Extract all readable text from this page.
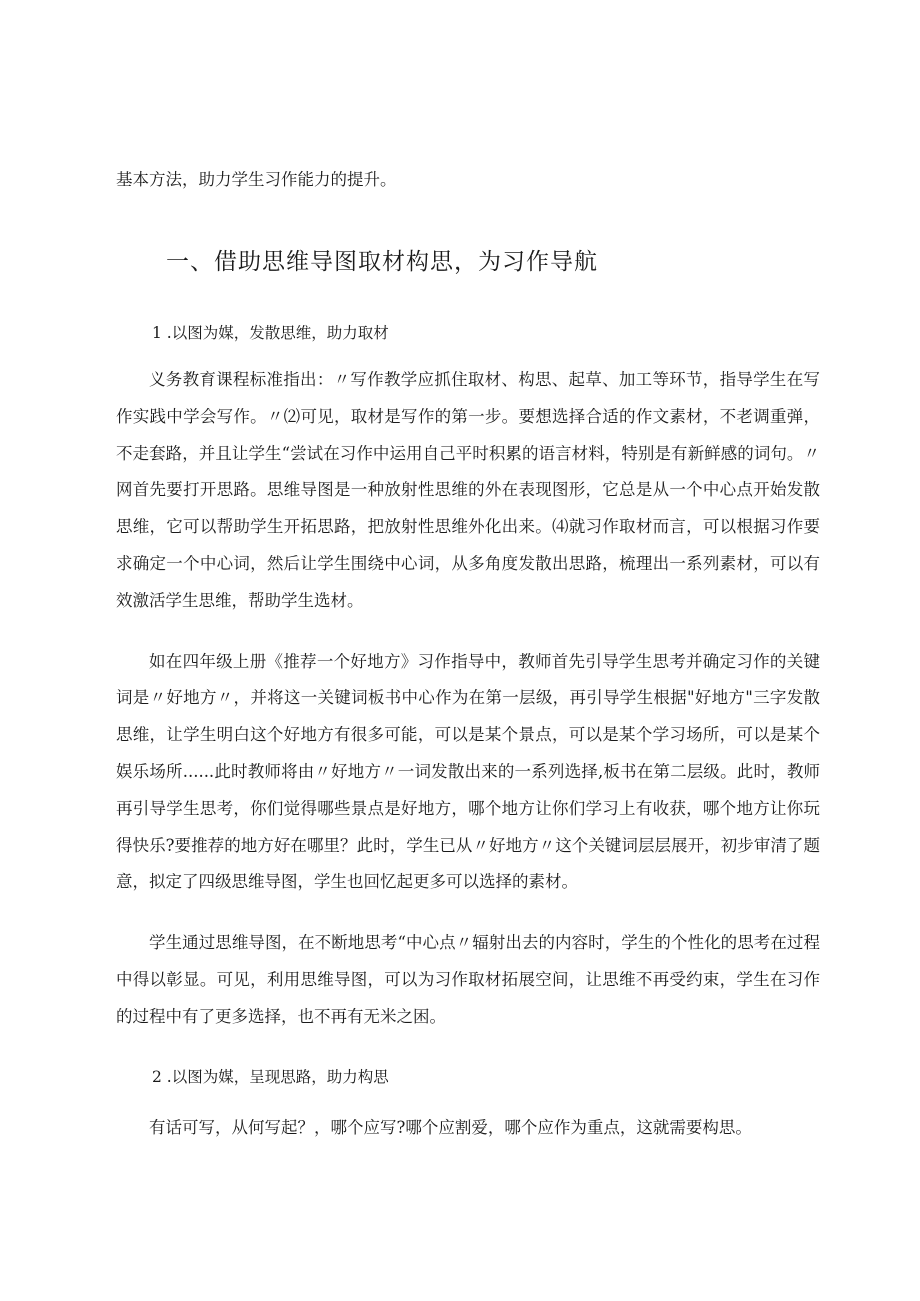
基本方法，助力学生习作能力的提升。

一、借助思维导图取材构思，为习作导航

1 .以图为媒，发散思维，助力取材

义务教育课程标准指出：〃写作教学应抓住取材、构思、起草、加工等环节，指导学生在写作实践中学会写作。〃⑵可见，取材是写作的第一步。要想选择合适的作文素材，不老调重弹，不走套路，并且让学生“尝试在习作中运用自己平时积累的语言材料，特别是有新鲜感的词句。〃网首先要打开思路。思维导图是一种放射性思维的外在表现图形，它总是从一个中心点开始发散思维，它可以帮助学生开拓思路，把放射性思维外化出来。⑷就习作取材而言，可以根据习作要求确定一个中心词，然后让学生围绕中心词，从多角度发散出思路，梳理出一系列素材，可以有效激活学生思维，帮助学生选材。

如在四年级上册《推荐一个好地方》习作指导中，教师首先引导学生思考并确定习作的关键词是〃好地方〃，并将这一关键词板书中心作为在第一层级，再引导学生根据"好地方"三字发散思维，让学生明白这个好地方有很多可能，可以是某个景点，可以是某个学习场所，可以是某个娱乐场所......此时教师将由〃好地方〃一词发散出来的一系列选择,板书在第二层级。此时，教师再引导学生思考，你们觉得哪些景点是好地方，哪个地方让你们学习上有收获，哪个地方让你玩得快乐?要推荐的地方好在哪里？此时，学生已从〃好地方〃这个关键词层层展开，初步审清了题意，拟定了四级思维导图，学生也回忆起更多可以选择的素材。

学生通过思维导图，在不断地思考“中心点〃辐射出去的内容时，学生的个性化的思考在过程中得以彰显。可见，利用思维导图，可以为习作取材拓展空间，让思维不再受约束，学生在习作的过程中有了更多选择，也不再有无米之困。

2 .以图为媒，呈现思路，助力构思

有话可写，从何写起？，哪个应写?哪个应割爱，哪个应作为重点，这就需要构思。
